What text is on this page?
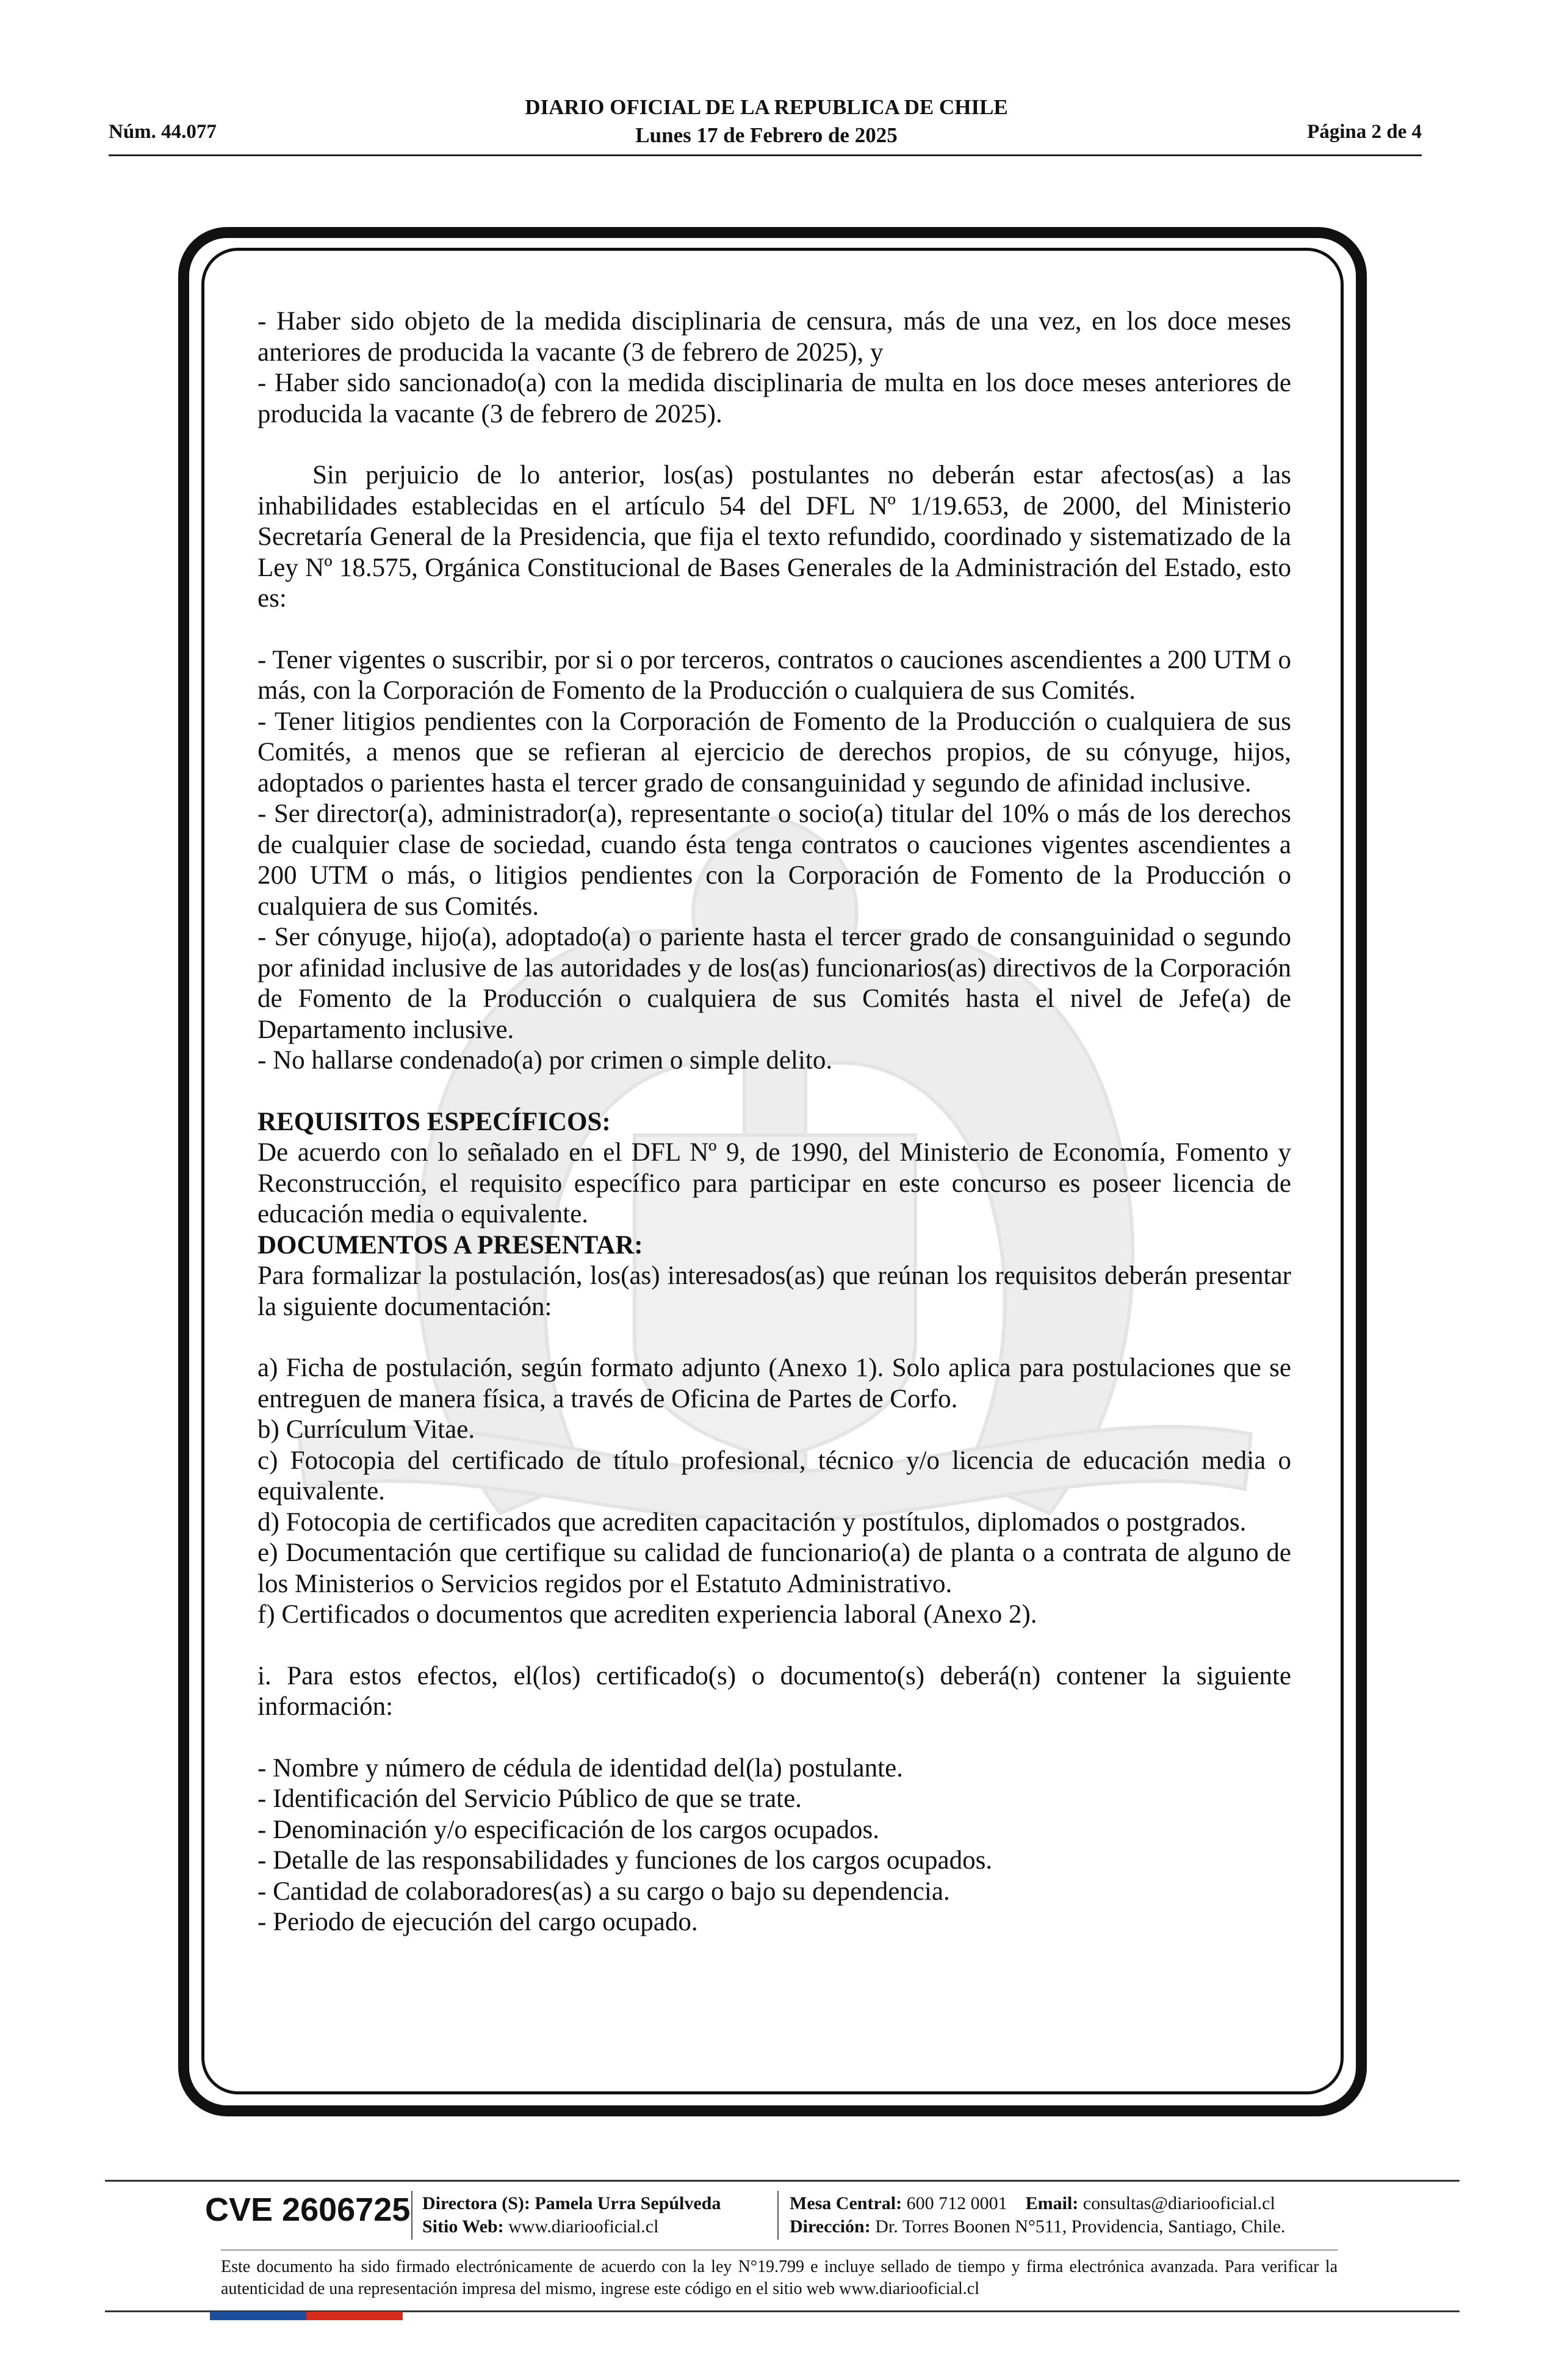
Núm. 44.077
DIARIO OFICIAL DE LA REPUBLICA DE CHILE
Lunes 17 de Febrero de 2025	Página 2 de 4

- Haber sido objeto de la medida disciplinaria de censura, más de una vez, en los doce meses anteriores de producida la vacante (3 de febrero de 2025), y

- Haber sido sancionado(a) con la medida disciplinaria de multa en los doce meses anteriores de producida la vacante (3 de febrero de 2025).

Sin perjuicio de lo anterior, los(as) postulantes no deberán estar afectos(as) a las inhabilidades establecidas en el artículo 54 del DFL Nº 1/19.653, de 2000, del Ministerio Secretaría General de la Presidencia, que fija el texto refundido, coordinado y sistematizado de la Ley Nº 18.575, Orgánica Constitucional de Bases Generales de la Administración del Estado, esto es:

- Tener vigentes o suscribir, por si o por terceros, contratos o cauciones ascendientes a 200 UTM o más, con la Corporación de Fomento de la Producción o cualquiera de sus Comités.

- Tener litigios pendientes con la Corporación de Fomento de la Producción o cualquiera de sus Comités, a menos que se refieran al ejercicio de derechos propios, de su cónyuge, hijos, adoptados o parientes hasta el tercer grado de consanguinidad y segundo de afinidad inclusive.

- Ser director(a), administrador(a), representante o socio(a) titular del 10% o más de los derechos de cualquier clase de sociedad, cuando ésta tenga contratos o cauciones vigentes ascendientes a 200 UTM o más, o litigios pendientes con la Corporación de Fomento de la Producción o cualquiera de sus Comités.

- Ser cónyuge, hijo(a), adoptado(a) o pariente hasta el tercer grado de consanguinidad o segundo por afinidad inclusive de las autoridades y de los(as) funcionarios(as) directivos de la Corporación de Fomento de la Producción o cualquiera de sus Comités hasta el nivel de Jefe(a) de Departamento inclusive.

- No hallarse condenado(a) por crimen o simple delito.

REQUISITOS ESPECÍFICOS:

De acuerdo con lo señalado en el DFL Nº 9, de 1990, del Ministerio de Economía, Fomento y Reconstrucción, el requisito específico para participar en este concurso es poseer licencia de educación media o equivalente.

DOCUMENTOS A PRESENTAR:

Para formalizar la postulación, los(as) interesados(as) que reúnan los requisitos deberán presentar la siguiente documentación:

a) Ficha de postulación, según formato adjunto (Anexo 1). Solo aplica para postulaciones que se entreguen de manera física, a través de Oficina de Partes de Corfo.

b) Currículum Vitae.

c) Fotocopia del certificado de título profesional, técnico y/o licencia de educación media o equivalente.

d) Fotocopia de certificados que acrediten capacitación y postítulos, diplomados o postgrados.

e) Documentación que certifique su calidad de funcionario(a) de planta o a contrata de alguno de los Ministerios o Servicios regidos por el Estatuto Administrativo.

f) Certificados o documentos que acrediten experiencia laboral (Anexo 2).

i. Para estos efectos, el(los) certificado(s) o documento(s) deberá(n) contener la siguiente información:

- Nombre y número de cédula de identidad del(la) postulante.

- Identificación del Servicio Público de que se trate.

- Denominación y/o especificación de los cargos ocupados.

- Detalle de las responsabilidades y funciones de los cargos ocupados.

- Cantidad de colaboradores(as) a su cargo o bajo su dependencia.

- Periodo de ejecución del cargo ocupado.

CVE 2606725 Directora (S): Pamela Urra Sepúlveda
Sitio Web: www.diariooficial.cl
Mesa Central: 600 712 0001 Email: consultas@diariooficial.cl
Dirección: Dr. Torres Boonen N°511, Providencia, Santiago, Chile.
Este documento ha sido firmado electrónicamente de acuerdo con la ley N°19.799 e incluye sellado de tiempo y firma electrónica avanzada. Para verificar la autenticidad de una representación impresa del mismo, ingrese este código en el sitio web www.diariooficial.cl
